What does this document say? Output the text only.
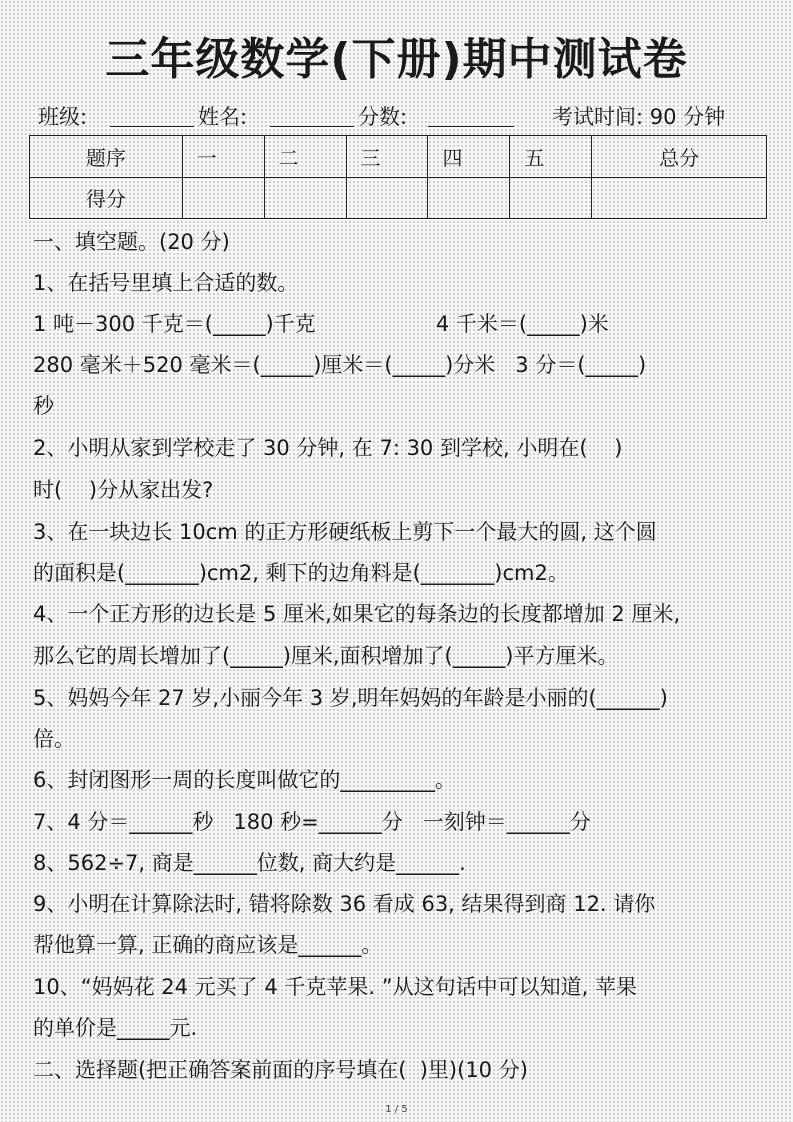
三年级数学(下册)期中测试卷
班级:	姓名:	分数:	考试时间: 90 分钟
题序	一	二	三	四	五	总分
得分						
一、填空题。(20 分)
1、在括号里填上合适的数。
1 吨－300 千克＝(_____)千克                  4 千米＝(_____)米
280 毫米＋520 毫米＝(_____)厘米＝(_____)分米   3 分＝(_____)
秒
2、小明从家到学校走了 30 分钟, 在 7: 30 到学校, 小明在(    )
时(    )分从家出发?
3、在一块边长 10cm 的正方形硬纸板上剪下一个最大的圆, 这个圆
的面积是(_______)cm2, 剩下的边角料是(_______)cm2。
4、一个正方形的边长是 5 厘米,如果它的每条边的长度都增加 2 厘米,
那么它的周长增加了(_____)厘米,面积增加了(_____)平方厘米。
5、妈妈今年 27 岁,小丽今年 3 岁,明年妈妈的年龄是小丽的(______)
倍。
6、封闭图形一周的长度叫做它的_________。
7、4 分＝______秒   180 秒=______分   一刻钟＝______分
8、562÷7, 商是______位数, 商大约是______.
9、小明在计算除法时, 错将除数 36 看成 63, 结果得到商 12. 请你
帮他算一算, 正确的商应该是______。
10、“妈妈花 24 元买了 4 千克苹果. ”从这句话中可以知道, 苹果
的单价是_____元.
二、选择题(把正确答案前面的序号填在(  )里)(10 分)
1 / 5
